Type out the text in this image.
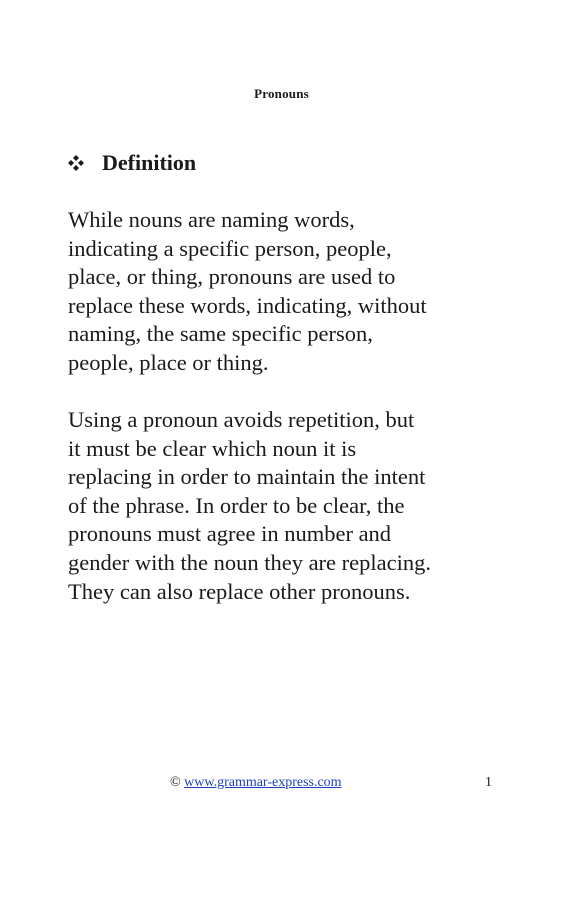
Pronouns
Definition

While nouns are naming words,
indicating a specific person, people,
place, or thing, pronouns are used to
replace these words, indicating, without
naming, the same specific person,
people, place or thing.

Using a pronoun avoids repetition, but
it must be clear which noun it is
replacing in order to maintain the intent
of the phrase. In order to be clear, the
pronouns must agree in number and
gender with the noun they are replacing.
They can also replace other pronouns.

© www.grammar-express.com	1
